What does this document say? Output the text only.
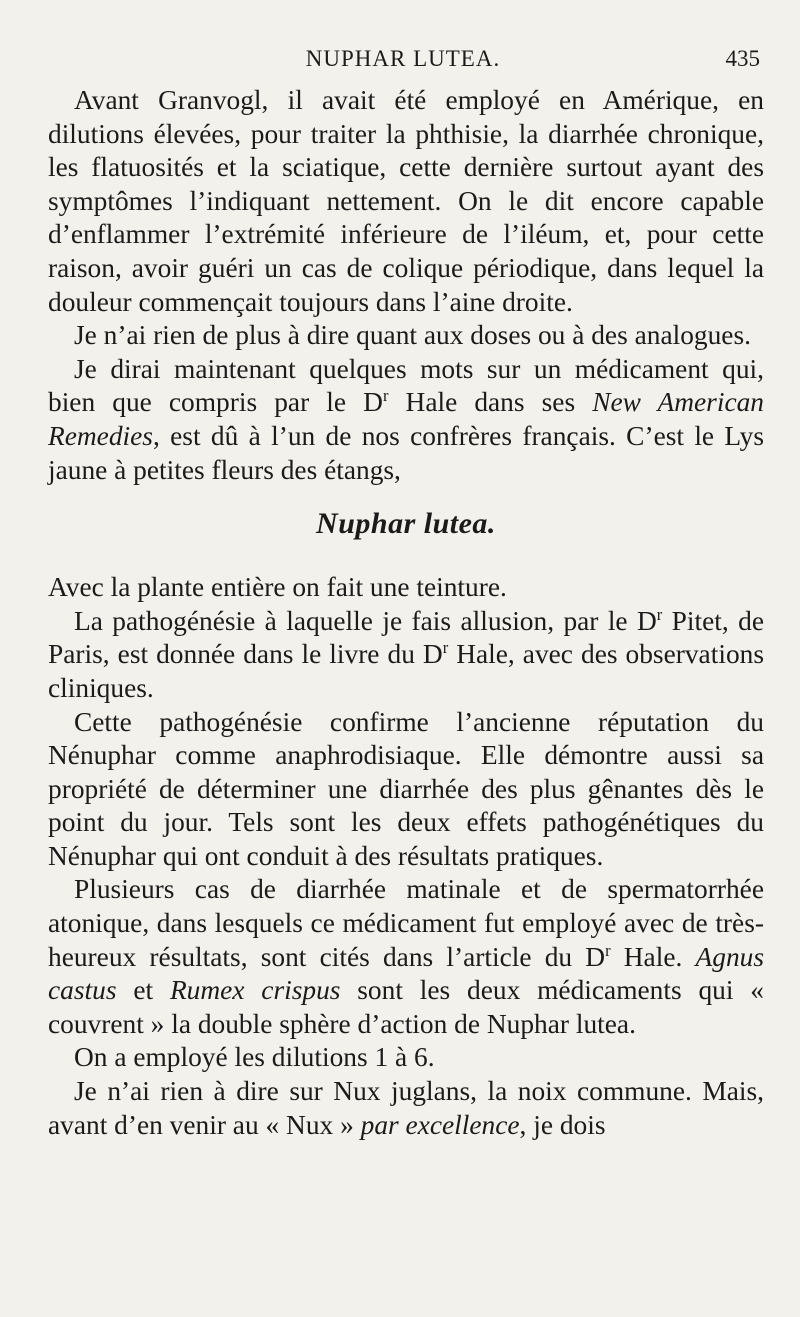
NUPHAR LUTEA.	435

Avant Granvogl, il avait été employé en Amérique, en dilutions élevées, pour traiter la phthisie, la diarrhée chronique, les flatuosités et la sciatique, cette dernière surtout ayant des symptômes l’indiquant nettement. On le dit encore capable d’enflammer l’extrémité inférieure de l’iléum, et, pour cette raison, avoir guéri un cas de colique périodique, dans lequel la douleur commençait toujours dans l’aine droite.

Je n’ai rien de plus à dire quant aux doses ou à des analogues.

Je dirai maintenant quelques mots sur un médicament qui, bien que compris par le $D^r$ Hale dans ses New American Remedies, est dû à l’un de nos confrères français. C’est le Lys jaune à petites fleurs des étangs,

Nuphar lutea.

Avec la plante entière on fait une teinture.

La pathogénésie à laquelle je fais allusion, par le $D^r$ Pitet, de Paris, est donnée dans le livre du $D^r$ Hale, avec des observations cliniques.

Cette pathogénésie confirme l’ancienne réputation du Nénuphar comme anaphrodisiaque. Elle démontre aussi sa propriété de déterminer une diarrhée des plus gênantes dès le point du jour. Tels sont les deux effets pathogénétiques du Nénuphar qui ont conduit à des résultats pratiques.

Plusieurs cas de diarrhée matinale et de spermatorrhée atonique, dans lesquels ce médicament fut employé avec de très-heureux résultats, sont cités dans l’article du $D^r$ Hale. Agnus castus et Rumex crispus sont les deux médicaments qui « couvrent » la double sphère d’action de Nuphar lutea.

On a employé les dilutions 1 à 6.

Je n’ai rien à dire sur Nux juglans, la noix commune. Mais, avant d’en venir au « Nux » par excellence, je dois
